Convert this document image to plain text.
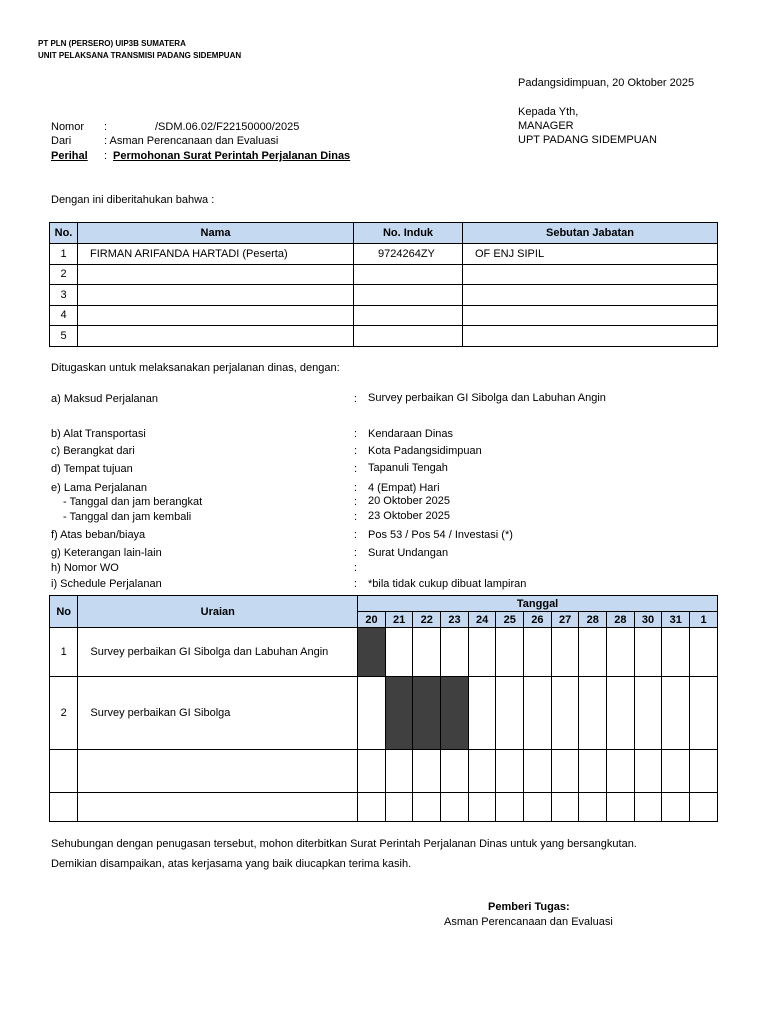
PT PLN (PERSERO) UIP3B SUMATERA
UNIT PELAKSANA TRANSMISI PADANG SIDEMPUAN
Padangsidimpuan, 20 Oktober 2025
Kepada Yth,
MANAGER
UPT PADANG SIDEMPUAN
Nomor :	/SDM.06.02/F22150000/2025
Dari	: Asman Perencanaan dan Evaluasi
Perihal : Permohonan Surat Perintah Perjalanan Dinas
Dengan ini diberitahukan bahwa :
No.	Nama	No. Induk	Sebutan Jabatan
1	FIRMAN ARIFANDA HARTADI (Peserta)	9724264ZY	OF ENJ SIPIL
2			
3			
4			
5			
Ditugaskan untuk melaksanakan perjalanan dinas, dengan:
a) Maksud Perjalanan	: Survey perbaikan GI Sibolga dan Labuhan Angin
b) Alat Transportasi	: Kendaraan Dinas
c) Berangkat dari	: Kota Padangsidimpuan
d) Tempat tujuan	: Tapanuli Tengah
e) Lama Perjalanan	: 4 (Empat) Hari
- Tanggal dan jam berangkat	: 20 Oktober 2025
- Tanggal dan jam kembali	: 23 Oktober 2025
f) Atas beban/biaya	: Pos 53 / Pos 54 / Investasi (*)
g) Keterangan lain-lain	: Surat Undangan
h) Nomor WO	:
i) Schedule Perjalanan	: *bila tidak cukup dibuat lampiran
No	Uraian	Tanggal												
		20	21	22	23	24	25	26	27	28	28	30	31	1
1	Survey perbaikan GI Sibolga dan Labuhan Angin													
2	Survey perbaikan GI Sibolga													

Sehubungan dengan penugasan tersebut, mohon diterbitkan Surat Perintah Perjalanan Dinas untuk yang bersangkutan.
Demikian disampaikan, atas kerjasama yang baik diucapkan terima kasih.
Pemberi Tugas:
Asman Perencanaan dan Evaluasi
